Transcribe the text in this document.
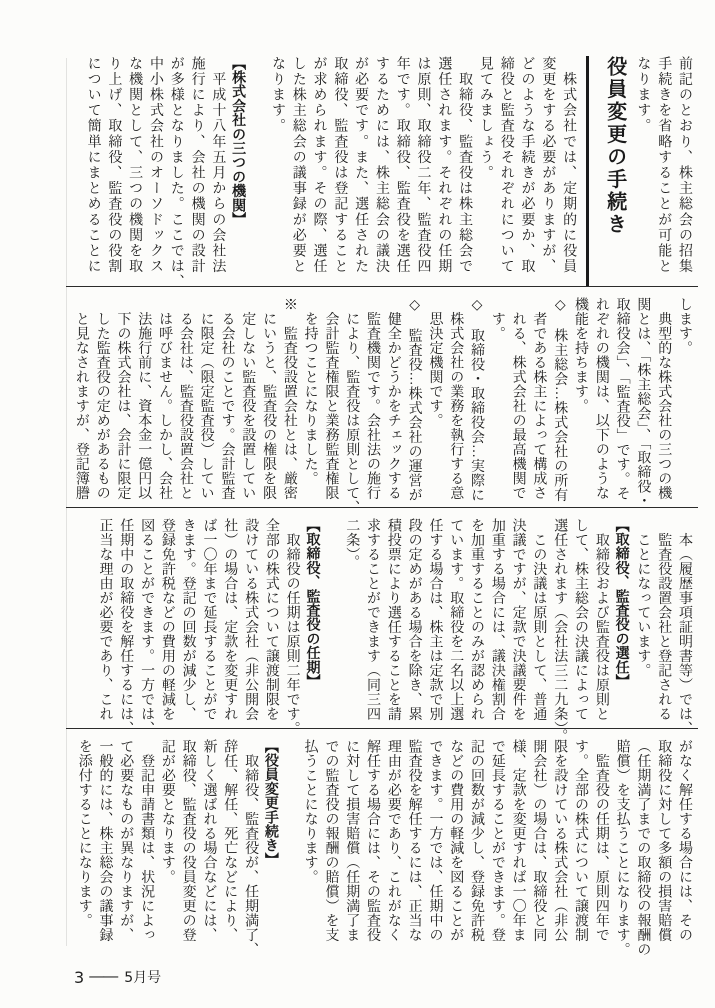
前記のとおり、株主総会の招集
手続きを省略することが可能と
なります。
役員変更の手続き
　株式会社では、定期的に役員
変更をする必要がありますが、
どのような手続きが必要か、取
締役と監査役それぞれについて
見てみましょう。
　取締役、監査役は株主総会で
選任されます。それぞれの任期
は原則、取締役二年、監査役四
年です。取締役、監査役を選任
するためには、株主総会の議決
が必要です。また、選任された
取締役、監査役は登記すること
が求められます。その際、選任
した株主総会の議事録が必要と
なります。
【株式会社の三つの機関】
　平成十八年五月からの会社法
施行により、会社の機関の設計
が多様となりました。ここでは、
中小株式会社のオーソドックス
な機関として、三つの機関を取
り上げ、取締役、監査役の役割
について簡単にまとめることに
します。
　典型的な株式会社の三つの機
関とは、「株主総会」、「取締役・
取締役会」、「監査役」です。そ
れぞれの機関は、以下のような
機能を持ちます。
◇　株主総会…株式会社の所有
　者である株主によって構成さ
　れる、株式会社の最高機関で
　す。
◇　取締役・取締役会…実際に
　株式会社の業務を執行する意
　思決定機関です。
◇　監査役…株式会社の運営が
　健全かどうかをチェックする
　監査機関です。会社法の施行
　により、監査役は原則として、
　会計監査権限と業務監査権限
　を持つことになりました。
※　監査役設置会社とは、厳密
　にいうと、監査役の権限を限
　定しない監査役を設置してい
　る会社のことです。会計監査
　に限定（限定監査役）してい
　る会社は、監査役設置会社と
　は呼びません。しかし、会社
　法施行前に、資本金一億円以
　下の株式会社は、会計に限定
　した監査役の定めがあるもの
　と見なされますが、登記簿謄
　本（履歴事項証明書等）では、
　監査役設置会社と登記される
　ことになっています。
【取締役、監査役の選任】
　取締役および監査役は原則と
して、株主総会の決議によって
選任されます（会社法三二九条）。
　この決議は原則として、普通
決議ですが、定款で決議要件を
加重する場合には、議決権割合
を加重することのみが認められ
ています。取締役を二名以上選
任する場合は、株主は定款で別
段の定めがある場合を除き、累
積投票により選任することを請
求することができます（同三四
二条）。
【取締役、監査役の任期】
　取締役の任期は原則二年です。
全部の株式について譲渡制限を
設けている株式会社（非公開会
社）の場合は、定款を変更すれ
ば一〇年まで延長することがで
きます。登記の回数が減少し、
登録免許税などの費用の軽減を
図ることができます。一方では、
任期中の取締役を解任するには、
正当な理由が必要であり、これ
がなく解任する場合には、その
取締役に対して多額の損害賠償
（任期満了までの取締役の報酬の
賠償）を支払うことになります。
　監査役の任期は、原則四年で
す。全部の株式について譲渡制
限を設けている株式会社（非公
開会社）の場合は、取締役と同
様、定款を変更すれば一〇年ま
で延長することができます。登
記の回数が減少し、登録免許税
などの費用の軽減を図ることが
できます。一方では、任期中の
監査役を解任するには、正当な
理由が必要であり、これがなく
解任する場合には、その監査役
に対して損害賠償（任期満了ま
での監査役の報酬の賠償）を支
払うことになります。
【役員変更手続き】
　取締役、監査役が、任期満了、
辞任、解任、死亡などにより、
新しく選ばれる場合などには、
取締役、監査役の役員変更の登
記が必要となります。
　登記申請書類は、状況によっ
て必要なものが異なりますが、
一般的には、株主総会の議事録
を添付することになります。
3 ―― 5月号
